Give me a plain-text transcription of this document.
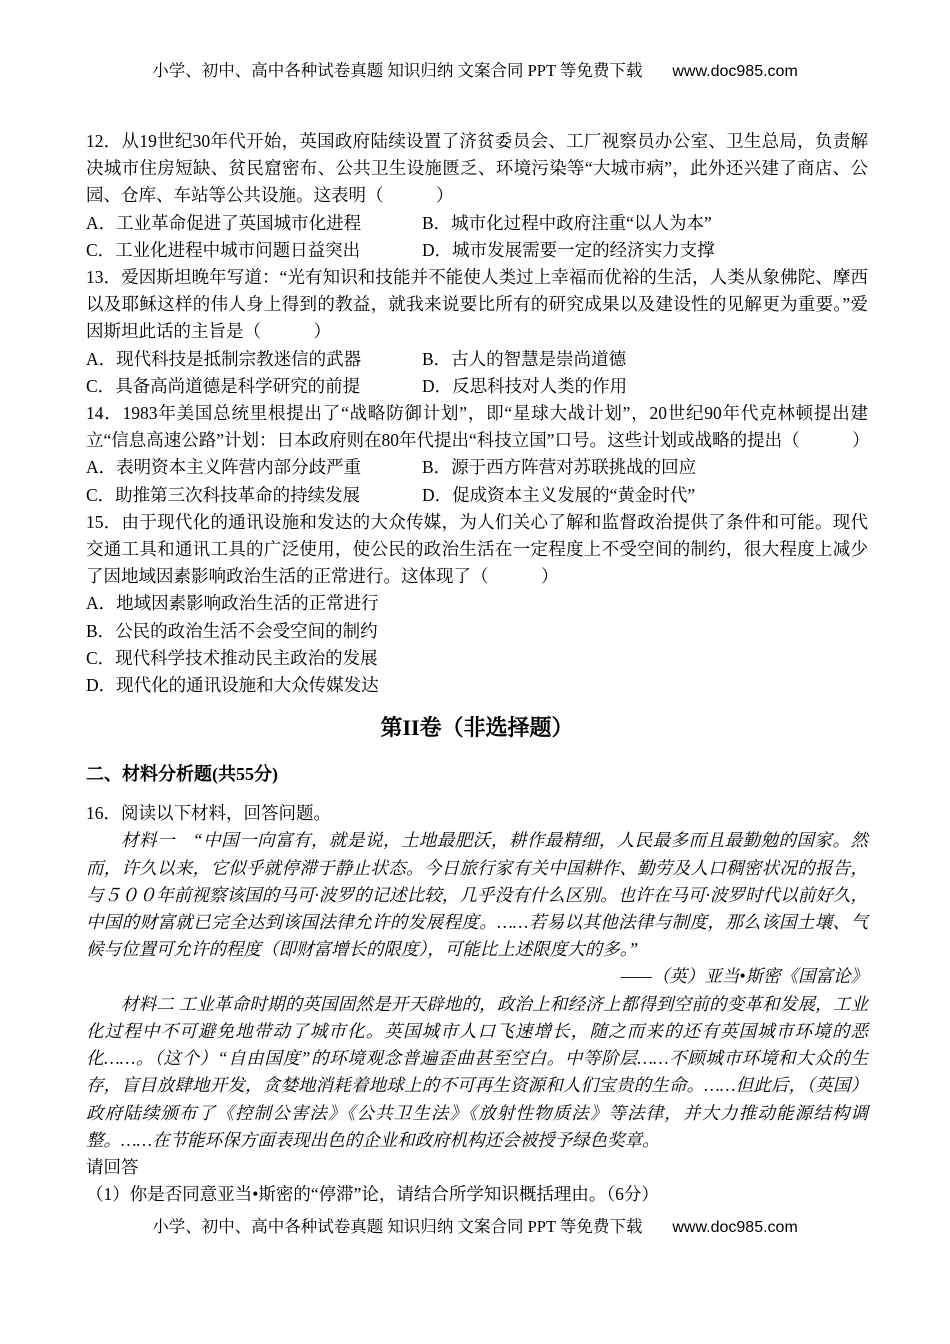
小学、初中、高中各种试卷真题 知识归纳 文案合同 PPT 等免费下载 www.doc985.com

12．从19世纪30年代开始，英国政府陆续设置了济贫委员会、工厂视察员办公室、卫生总局，负责解决城市住房短缺、贫民窟密布、公共卫生设施匮乏、环境污染等“大城市病”，此外还兴建了商店、公园、仓库、车站等公共设施。这表明（　　　）

A．工业革命促进了英国城市化进程	B．城市化过程中政府注重“以人为本”
C．工业化进程中城市问题日益突出	D．城市发展需要一定的经济实力支撑

13．爱因斯坦晚年写道：“光有知识和技能并不能使人类过上幸福而优裕的生活，人类从象佛陀、摩西以及耶稣这样的伟人身上得到的教益，就我来说要比所有的研究成果以及建设性的见解更为重要。”爱因斯坦此话的主旨是（　　　）

A．现代科技是抵制宗教迷信的武器	B．古人的智慧是崇尚道德
C．具备高尚道德是科学研究的前提	D．反思科技对人类的作用

14．1983年美国总统里根提出了“战略防御计划”，即“星球大战计划”，20世纪90年代克林顿提出建立“信息高速公路”计划：日本政府则在80年代提出“科技立国”口号。这些计划或战略的提出（　　　）

A．表明资本主义阵营内部分歧严重	B．源于西方阵营对苏联挑战的回应
C．助推第三次科技革命的持续发展	D．促成资本主义发展的“黄金时代”

15．由于现代化的通讯设施和发达的大众传媒，为人们关心了解和监督政治提供了条件和可能。现代交通工具和通讯工具的广泛使用，使公民的政治生活在一定程度上不受空间的制约，很大程度上减少了因地域因素影响政治生活的正常进行。这体现了（　　　）

A．地域因素影响政治生活的正常进行
B．公民的政治生活不会受空间的制约
C．现代科学技术推动民主政治的发展
D．现代化的通讯设施和大众传媒发达
第II卷（非选择题）
二、材料分析题(共55分)

16．阅读以下材料，回答问题。

材料一　“中国一向富有，就是说，土地最肥沃，耕作最精细，人民最多而且最勤勉的国家。然而，许久以来，它似乎就停滞于静止状态。今日旅行家有关中国耕作、勤劳及人口稠密状况的报告，与５００年前视察该国的马可·波罗的记述比较，几乎没有什么区别。也许在马可·波罗时代以前好久，中国的财富就已完全达到该国法律允许的发展程度。……若易以其他法律与制度，那么该国土壤、气候与位置可允许的程度（即财富增长的限度），可能比上述限度大的多。”

——（英）亚当•斯密《国富论》

材料二 工业革命时期的英国固然是开天辟地的，政治上和经济上都得到空前的变革和发展，工业化过程中不可避免地带动了城市化。英国城市人口飞速增长，随之而来的还有英国城市环境的恶化……。（这个）“自由国度”的环境观念普遍歪曲甚至空白。中等阶层……不顾城市环境和大众的生存，盲目放肆地开发，贪婪地消耗着地球上的不可再生资源和人们宝贵的生命。……但此后，（英国）政府陆续颁布了《控制公害法》《公共卫生法》《放射性物质法》等法律，并大力推动能源结构调整。……在节能环保方面表现出色的企业和政府机构还会被授予绿色奖章。

请回答

（1）你是否同意亚当•斯密的“停滞”论，请结合所学知识概括理由。（6分）

小学、初中、高中各种试卷真题 知识归纳 文案合同 PPT 等免费下载 www.doc985.com
